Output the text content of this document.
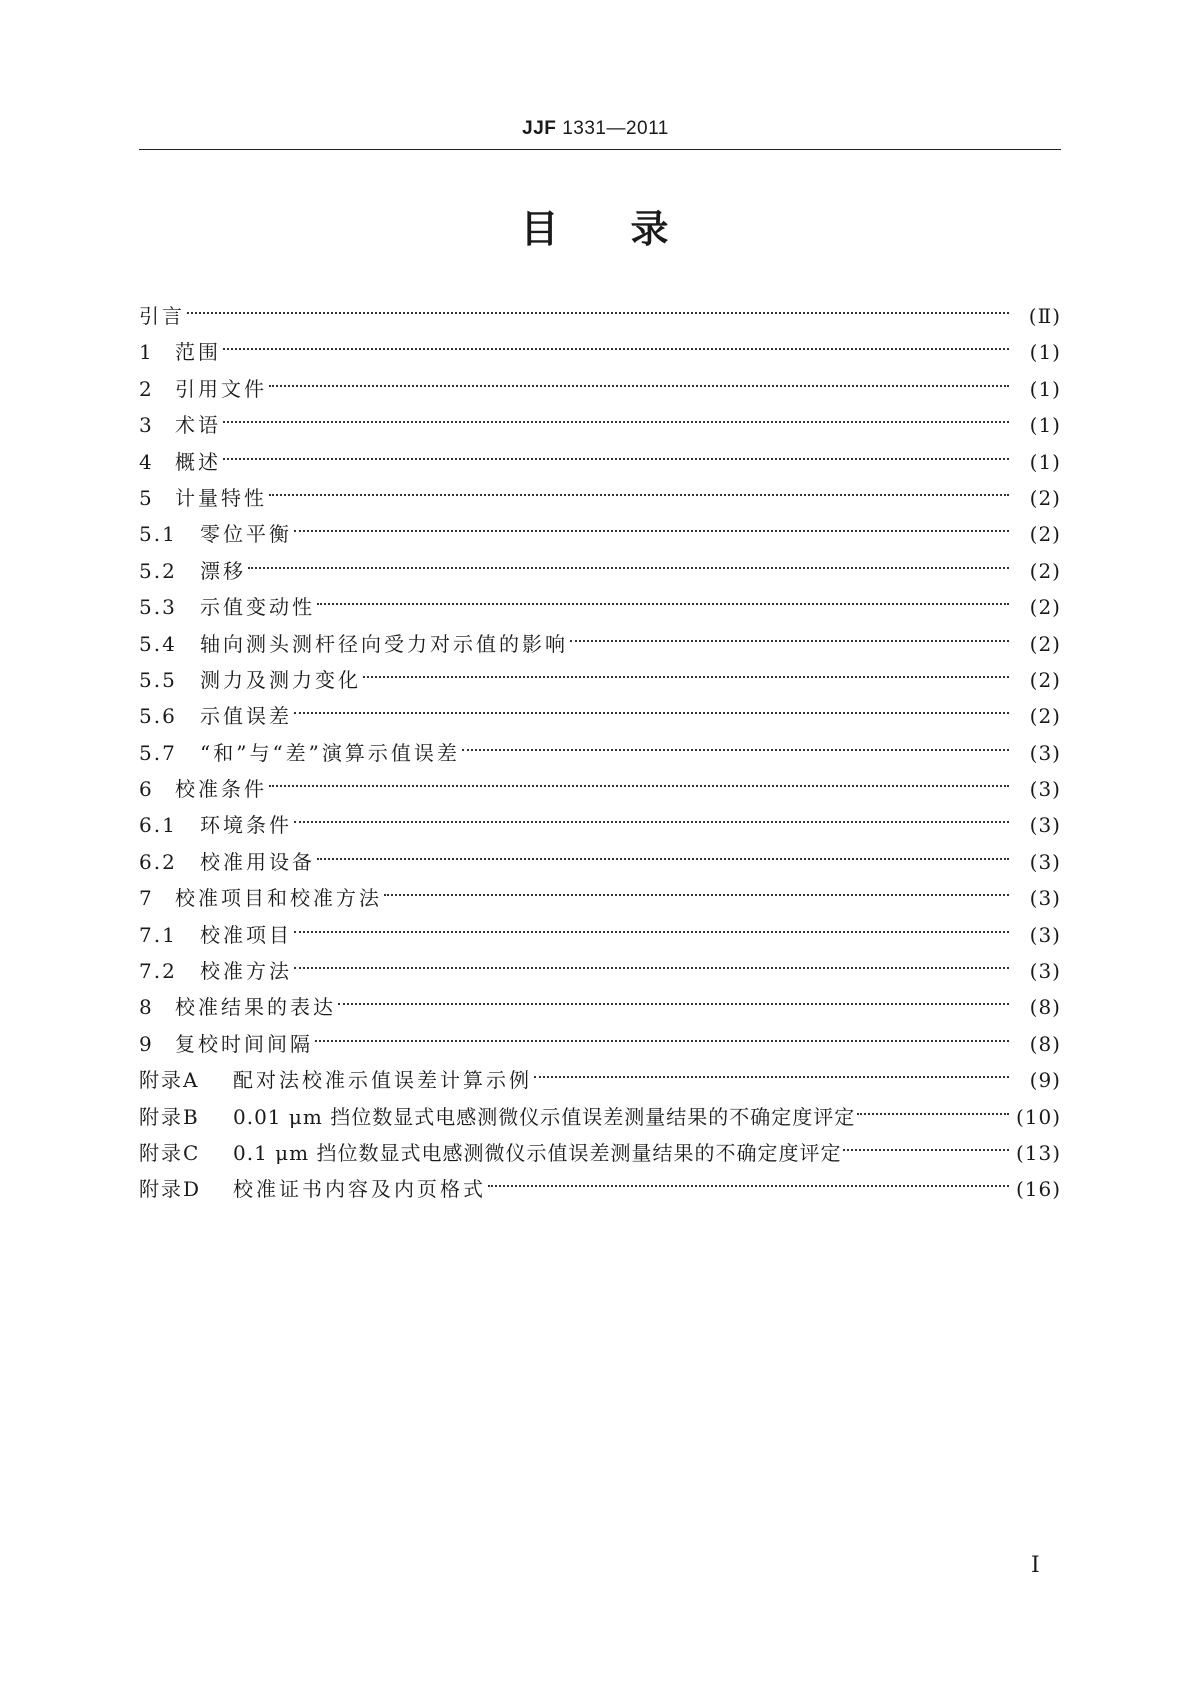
JJF 1331—2011
目 录
引言	(Ⅱ)
1	范围	(1)
2	引用文件	(1)
3	术语	(1)
4	概述	(1)
5	计量特性	(2)
5.1	零位平衡	(2)
5.2	漂移	(2)
5.3	示值变动性	(2)
5.4	轴向测头测杆径向受力对示值的影响	(2)
5.5	测力及测力变化	(2)
5.6	示值误差	(2)
5.7	“和”与“差”演算示值误差	(3)
6	校准条件	(3)
6.1	环境条件	(3)
6.2	校准用设备	(3)
7	校准项目和校准方法	(3)
7.1	校准项目	(3)
7.2	校准方法	(3)
8	校准结果的表达	(8)
9	复校时间间隔	(8)
附录A	配对法校准示值误差计算示例	(9)
附录B	0.01 μm 挡位数显式电感测微仪示值误差测量结果的不确定度评定	(10)
附录C	0.1 μm 挡位数显式电感测微仪示值误差测量结果的不确定度评定	(13)
附录D	校准证书内容及内页格式	(16)
Ⅰ
